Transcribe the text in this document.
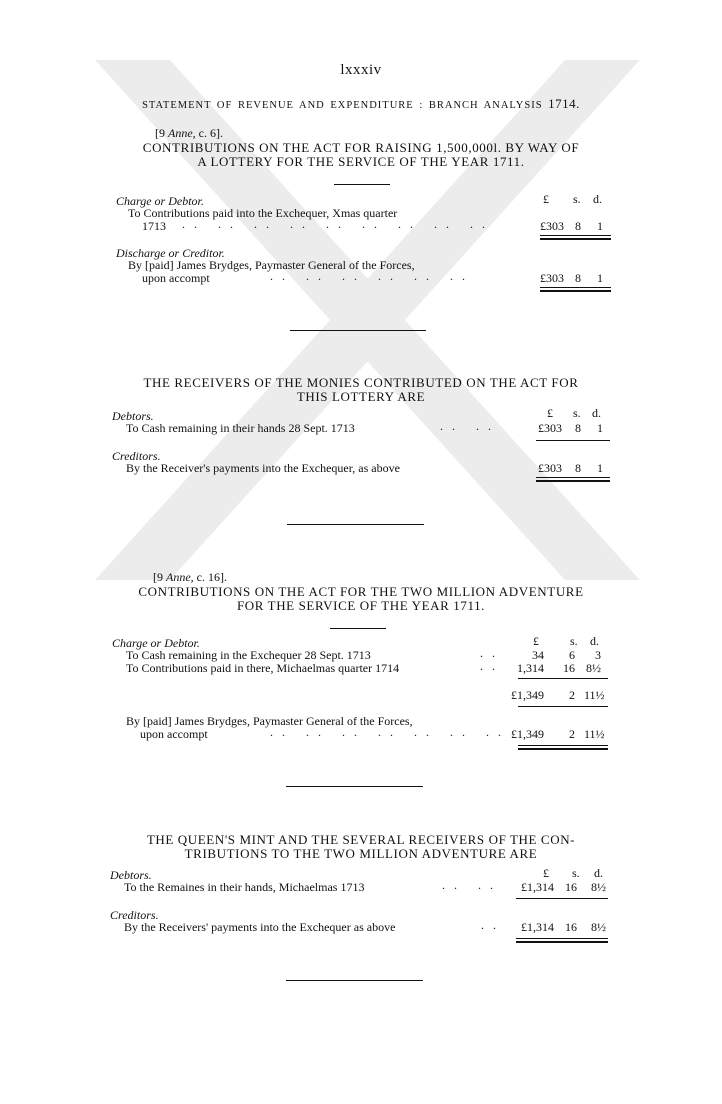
lxxxiv
STATEMENT OF REVENUE AND EXPENDITURE : BRANCH ANALYSIS 1714.
[9 Anne, c. 6].
CONTRIBUTIONS ON THE ACT FOR RAISING 1,500,000l. BY WAY OF
A LOTTERY FOR THE SERVICE OF THE YEAR 1711.
£ s. d.
Charge or Debtor.
To Contributions paid into the Exchequer, Xmas quarter
1713 .. .. .. .. .. .. .. .. ..	£303 8	1
Discharge or Creditor.
By [paid] James Brydges, Paymaster General of the Forces,
upon accompt	.. .. .. .. .. ..	£303 8	1
THE RECEIVERS OF THE MONIES CONTRIBUTED ON THE ACT FOR
THIS LOTTERY ARE
£ s. d.
Debtors.
To Cash remaining in their hands 28 Sept. 1713	.. ..	£303	8	1
Creditors.
By the Receiver's payments into the Exchequer, as above	£303	8	1
[9 Anne, c. 16].
CONTRIBUTIONS ON THE ACT FOR THE TWO MILLION ADVENTURE
FOR THE SERVICE OF THE YEAR 1711.
£	s. d.
Charge or Debtor.
To Cash remaining in the Exchequer 28 Sept. 1713	..	34	6	3
To Contributions paid in there, Michaelmas quarter 1714	..	1,314 16 8½
£1,349	2 11½
By [paid] James Brydges, Paymaster General of the Forces,
upon accompt	.. .. .. .. .. .. .. £1,349	2 11½
THE QUEEN'S MINT AND THE SEVERAL RECEIVERS OF THE CON-
TRIBUTIONS TO THE TWO MILLION ADVENTURE ARE
£ s. d.
Debtors.
To the Remaines in their hands, Michaelmas 1713	.. ..	£1,314 16	8½
Creditors.
By the Receivers' payments into the Exchequer as above	..	£1,314 16	8½
